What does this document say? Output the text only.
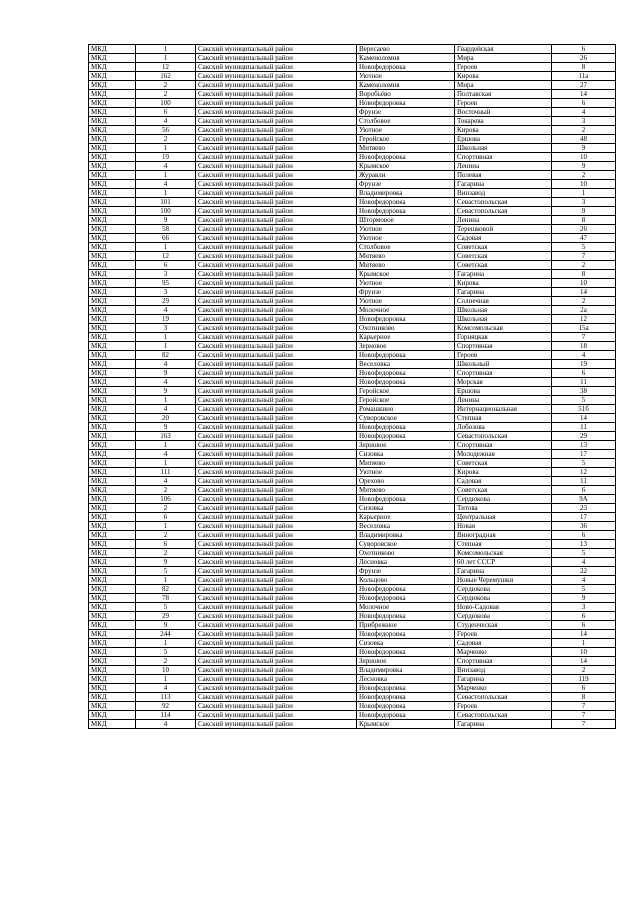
МКД	1	Сакский муниципальный район	Вересаево	Гвардейская	6
МКД	1	Сакский муниципальный район	Каменоломня	Мира	26
МКД	12	Сакский муниципальный район	Новофедоровка	Героев	8
МКД	162	Сакский муниципальный район	Уютное	Кирова	11а
МКД	2	Сакский муниципальный район	Каменоломня	Мира	27
МКД	2	Сакский муниципальный район	Воробьёво	Полтавская	14
МКД	100	Сакский муниципальный район	Новофедоровка	Героев	6
МКД	6	Сакский муниципальный район	Фрунзе	Восточный	4
МКД	4	Сакский муниципальный район	Столбовое	Токарева	3
МКД	56	Сакский муниципальный район	Уютное	Кирова	2
МКД	2	Сакский муниципальный район	Геройское	Ершова	48
МКД	1	Сакский муниципальный район	Митяево	Школьная	9
МКД	19	Сакский муниципальный район	Новофедоровка	Спортивная	10
МКД	4	Сакский муниципальный район	Крымское	Ленина	9
МКД	1	Сакский муниципальный район	Журавли	Полевая	2
МКД	4	Сакский муниципальный район	Фрунзе	Гагарина	10
МКД	1	Сакский муниципальный район	Владимировка	Винзавод	1
МКД	101	Сакский муниципальный район	Новофедоровка	Севастопольская	3
МКД	100	Сакский муниципальный район	Новофедоровка	Севастопольская	9
МКД	9	Сакский муниципальный район	Штормовое	Ленина	8
МКД	58	Сакский муниципальный район	Уютное	Терешковой	26
МКД	66	Сакский муниципальный район	Уютное	Садовая	47
МКД	1	Сакский муниципальный район	Столбовое	Советская	5
МКД	12	Сакский муниципальный район	Митяево	Советская	7
МКД	6	Сакский муниципальный район	Митяево	Советская	2
МКД	3	Сакский муниципальный район	Крымское	Гагарина	8
МКД	95	Сакский муниципальный район	Уютное	Кирова	10
МКД	3	Сакский муниципальный район	Фрунзе	Гагарина	14
МКД	29	Сакский муниципальный район	Уютное	Солнечная	2
МКД	4	Сакский муниципальный район	Молочное	Школьная	2а
МКД	19	Сакский муниципальный район	Новофедоровка	Школьная	12
МКД	3	Сакский муниципальный район	Охотниково	Комсомольская	15а
МКД	1	Сакский муниципальный район	Карьерное	Горняцкая	7
МКД	1	Сакский муниципальный район	Зерновое	Спортивная	18
МКД	82	Сакский муниципальный район	Новофедоровка	Героев	4
МКД	4	Сакский муниципальный район	Веселовка	Школьный	19
МКД	9	Сакский муниципальный район	Новофедоровка	Спортивная	6
МКД	4	Сакский муниципальный район	Новофедоровка	Морская	11
МКД	9	Сакский муниципальный район	Геройское	Ершова	38
МКД	1	Сакский муниципальный район	Геройское	Ленина	5
МКД	4	Сакский муниципальный район	Ромашкино	Интернациональная	51б
МКД	20	Сакский муниципальный район	Суворовское	Степная	14
МКД	9	Сакский муниципальный район	Новофедоровка	Лобозова	11
МКД	163	Сакский муниципальный район	Новофедоровка	Севастопольская	29
МКД	1	Сакский муниципальный район	Зерновое	Спортивная	13
МКД	4	Сакский муниципальный район	Сизовка	Молодежная	17
МКД	1	Сакский муниципальный район	Митяево	Советская	5
МКД	111	Сакский муниципальный район	Уютное	Кирова	12
МКД	4	Сакский муниципальный район	Орехово	Садовая	11
МКД	2	Сакский муниципальный район	Митяево	Советская	6
МКД	106	Сакский муниципальный район	Новофедоровка	Сердюкова	9А
МКД	2	Сакский муниципальный район	Сизовка	Титова	23
МКД	6	Сакский муниципальный район	Карьерное	Центральная	17
МКД	1	Сакский муниципальный район	Веселовка	Новая	36
МКД	2	Сакский муниципальный район	Владимировка	Виноградная	6
МКД	6	Сакский муниципальный район	Суворовское	Степная	13
МКД	2	Сакский муниципальный район	Охотниково	Комсомольская	5
МКД	9	Сакский муниципальный район	Лесновка	60 лет СССР	4
МКД	5	Сакский муниципальный район	Фрунзе	Гагарина	22
МКД	1	Сакский муниципальный район	Кольцово	Новые Черемушки	4
МКД	82	Сакский муниципальный район	Новофедоровка	Сердюкова	5
МКД	78	Сакский муниципальный район	Новофедоровка	Сердюкова	9
МКД	5	Сакский муниципальный район	Молочное	Ново-Садовая	3
МКД	29	Сакский муниципальный район	Новофедоровка	Сердюкова	6
МКД	9	Сакский муниципальный район	Прибрежное	Студенческая	6
МКД	244	Сакский муниципальный район	Новофедоровка	Героев	14
МКД	1	Сакский муниципальный район	Сизовка	Садовая	1
МКД	5	Сакский муниципальный район	Новофедоровка	Марченко	10
МКД	2	Сакский муниципальный район	Зерновое	Спортивная	14
МКД	10	Сакский муниципальный район	Владимировка	Винзавод	2
МКД	1	Сакский муниципальный район	Лесновка	Гагарина	119
МКД	4	Сакский муниципальный район	Новофедоровка	Марченко	6
МКД	113	Сакский муниципальный район	Новофедоровка	Севастопольская	8
МКД	92	Сакский муниципальный район	Новофедоровка	Героев	7
МКД	114	Сакский муниципальный район	Новофедоровка	Севастопольская	7
МКД	4	Сакский муниципальный район	Крымское	Гагарина	7
